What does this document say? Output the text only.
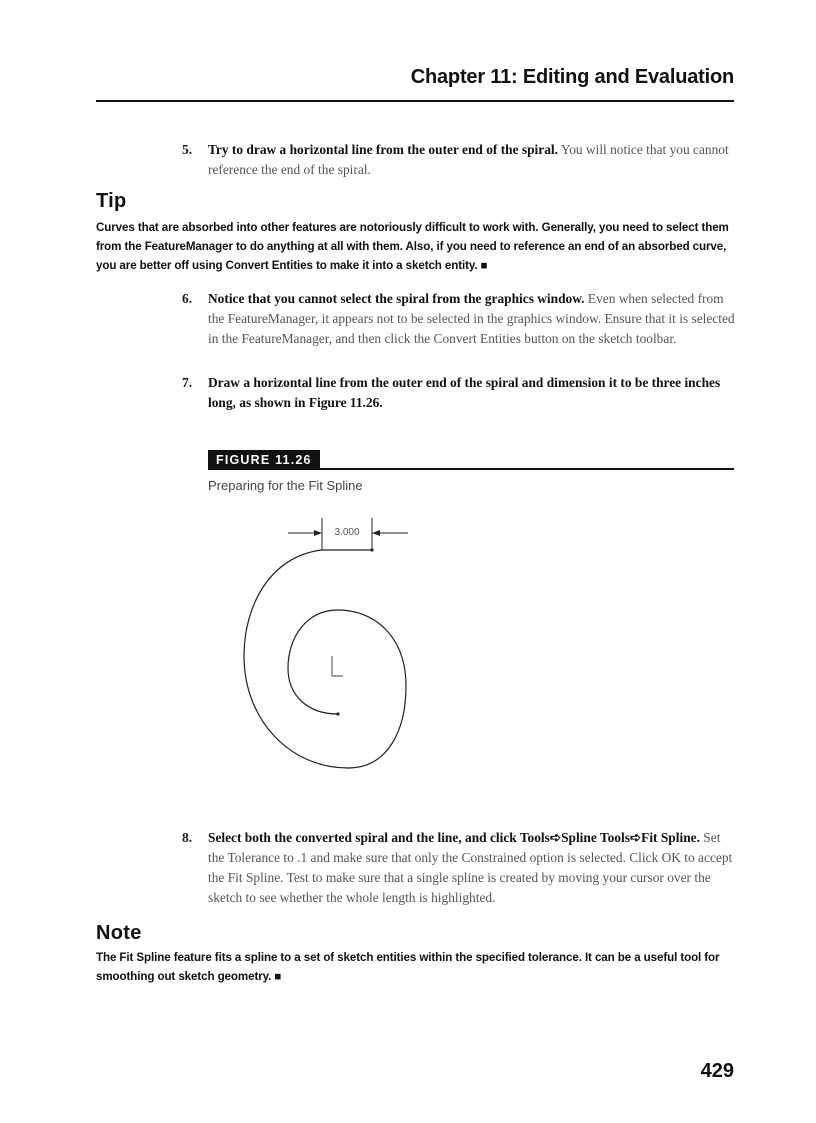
Chapter 11: Editing and Evaluation
5. Try to draw a horizontal line from the outer end of the spiral. You will notice that you cannot reference the end of the spiral.
Tip
Curves that are absorbed into other features are notoriously difficult to work with. Generally, you need to select them from the FeatureManager to do anything at all with them. Also, if you need to reference an end of an absorbed curve, you are better off using Convert Entities to make it into a sketch entity. ■
6. Notice that you cannot select the spiral from the graphics window. Even when selected from the FeatureManager, it appears not to be selected in the graphics window. Ensure that it is selected in the FeatureManager, and then click the Convert Entities button on the sketch toolbar.
7. Draw a horizontal line from the outer end of the spiral and dimension it to be three inches long, as shown in Figure 11.26.
FIGURE 11.26
Preparing for the Fit Spline
3.000
8. Select both the converted spiral and the line, and click Tools➪Spline Tools➪Fit Spline. Set the Tolerance to .1 and make sure that only the Constrained option is selected. Click OK to accept the Fit Spline. Test to make sure that a single spline is created by moving your cursor over the sketch to see whether the whole length is highlighted.
Note
The Fit Spline feature fits a spline to a set of sketch entities within the specified tolerance. It can be a useful tool for smoothing out sketch geometry. ■
429
